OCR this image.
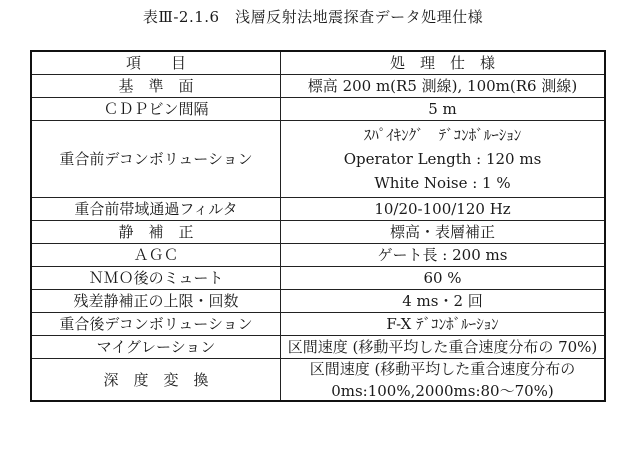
表Ⅲ-2.1.6　浅層反射法地震探査データ処理仕様
項　　目	処　理　仕　様
基　準　面	標高 200 m(R5 測線), 100m(R6 測線)
ＣＤＰビン間隔	5 m
重合前デコンボリューション	ｽﾊﾟｲｷﾝｸﾞ　ﾃﾞｺﾝﾎﾞﾙｰｼｮﾝ
Operator Length : 120 ms
White Noise : 1 %

重合前帯域通過フィルタ	10/20-100/120 Hz
静　補　正	標高・表層補正
ＡＧＣ	ゲート長 : 200 ms
ＮＭＯ後のミュート	60 %
残差静補正の上限・回数	4 ms・2 回
重合後デコンボリューション	F-X ﾃﾞｺﾝﾎﾞﾙｰｼｮﾝ
マイグレーション	区間速度 (移動平均した重合速度分布の 70%)
深　度　変　換	区間速度 (移動平均した重合速度分布の
0ms:100%,2000ms:80～70%)
